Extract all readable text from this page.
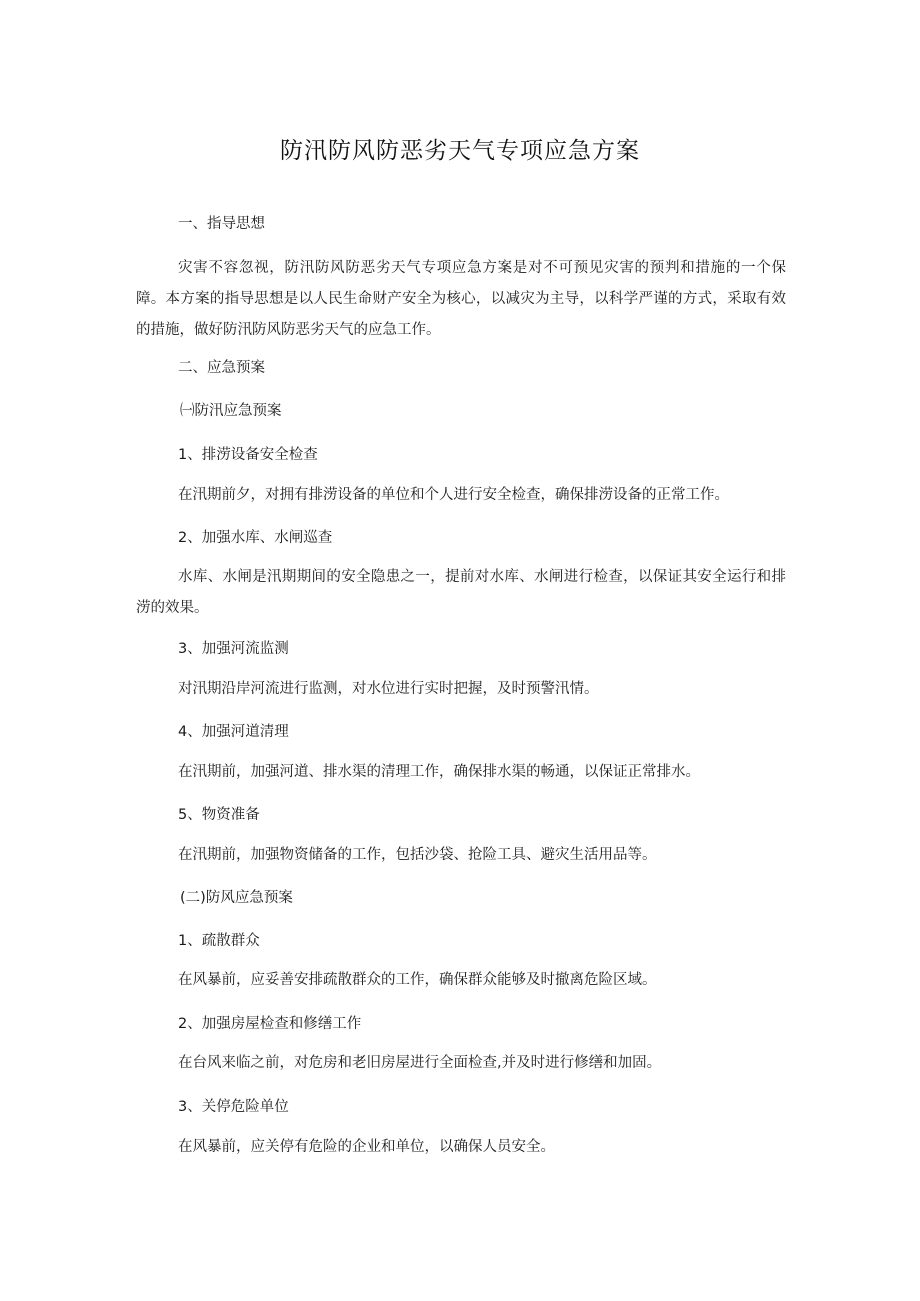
防汛防风防恶劣天气专项应急方案
一、指导思想
灾害不容忽视，防汛防风防恶劣天气专项应急方案是对不可预见灾害的预判和措施的一个保障。本方案的指导思想是以人民生命财产安全为核心，以减灾为主导，以科学严谨的方式，采取有效的措施，做好防汛防风防恶劣天气的应急工作。
二、应急预案
㈠防汛应急预案
1、排涝设备安全检查
在汛期前夕，对拥有排涝设备的单位和个人进行安全检查，确保排涝设备的正常工作。
2、加强水库、水闸巡查
水库、水闸是汛期期间的安全隐患之一，提前对水库、水闸进行检查，以保证其安全运行和排涝的效果。
3、加强河流监测
对汛期沿岸河流进行监测，对水位进行实时把握，及时预警汛情。
4、加强河道清理
在汛期前，加强河道、排水渠的清理工作，确保排水渠的畅通，以保证正常排水。
5、物资准备
在汛期前，加强物资储备的工作，包括沙袋、抢险工具、避灾生活用品等。
(二)防风应急预案
1、疏散群众
在风暴前，应妥善安排疏散群众的工作，确保群众能够及时撤离危险区域。
2、加强房屋检查和修缮工作
在台风来临之前，对危房和老旧房屋进行全面检查,并及时进行修缮和加固。
3、关停危险单位
在风暴前，应关停有危险的企业和单位，以确保人员安全。
